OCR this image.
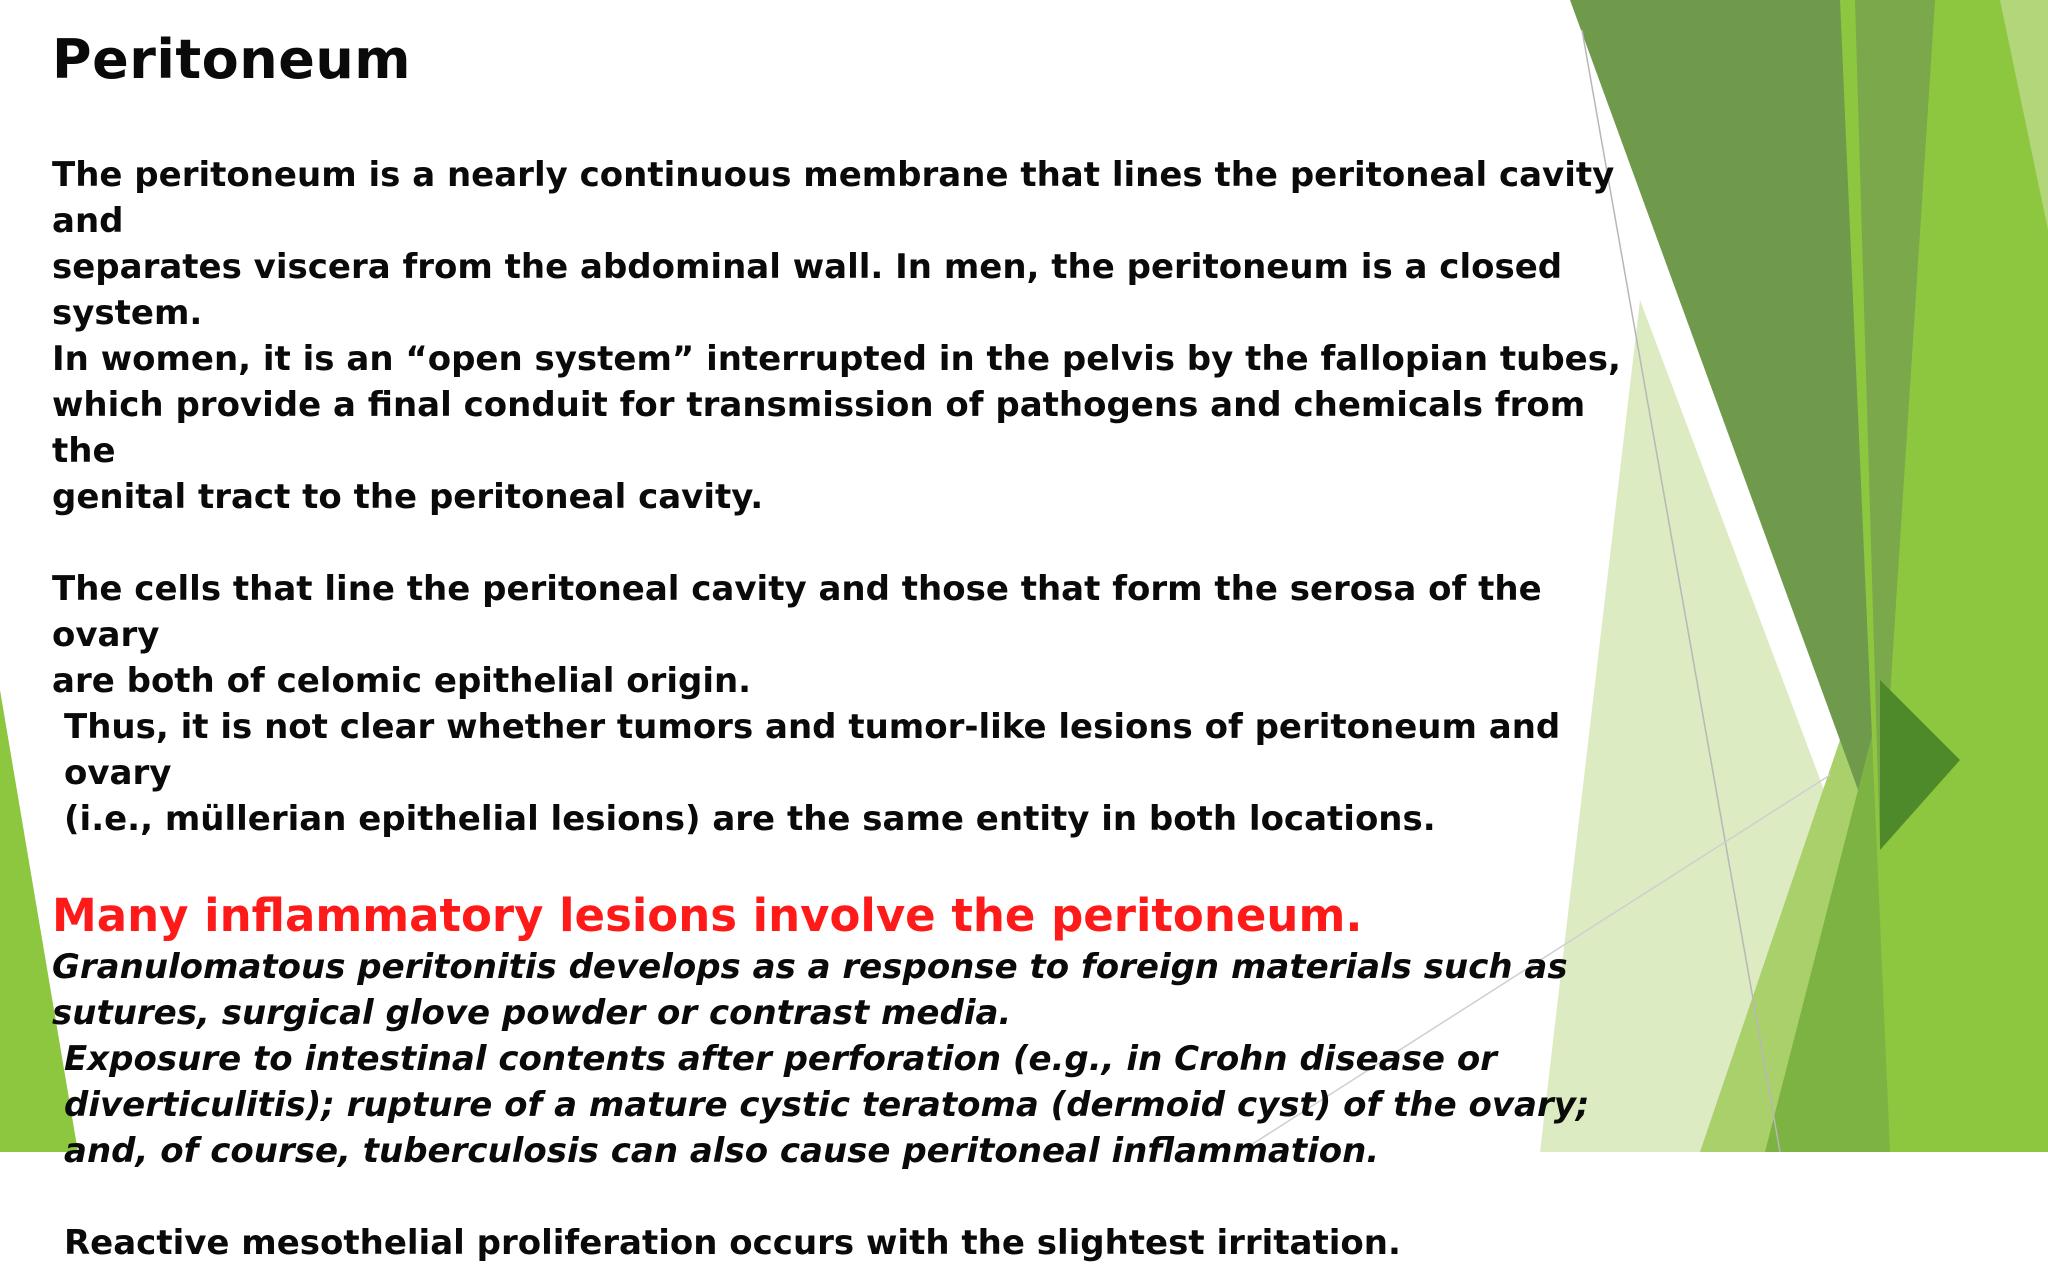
Peritoneum

The peritoneum is a nearly continuous membrane that lines the peritoneal cavity and
separates viscera from the abdominal wall. In men, the peritoneum is a closed system.
In women, it is an “open system” interrupted in the pelvis by the fallopian tubes,
which provide a final conduit for transmission of pathogens and chemicals from the
genital tract to the peritoneal cavity.

The cells that line the peritoneal cavity and those that form the serosa of the ovary
are both of celomic epithelial origin.

Thus, it is not clear whether tumors and tumor-like lesions of peritoneum and ovary
(i.e., müllerian epithelial lesions) are the same entity in both locations.

Many inflammatory lesions involve the peritoneum.

Granulomatous peritonitis develops as a response to foreign materials such as sutures, surgical glove powder or contrast media.

Exposure to intestinal contents after perforation (e.g., in Crohn disease or diverticulitis); rupture of a mature cystic teratoma (dermoid cyst) of the ovary; and, of course, tuberculosis can also cause peritoneal inflammation.

Reactive mesothelial proliferation occurs with the slightest irritation.
